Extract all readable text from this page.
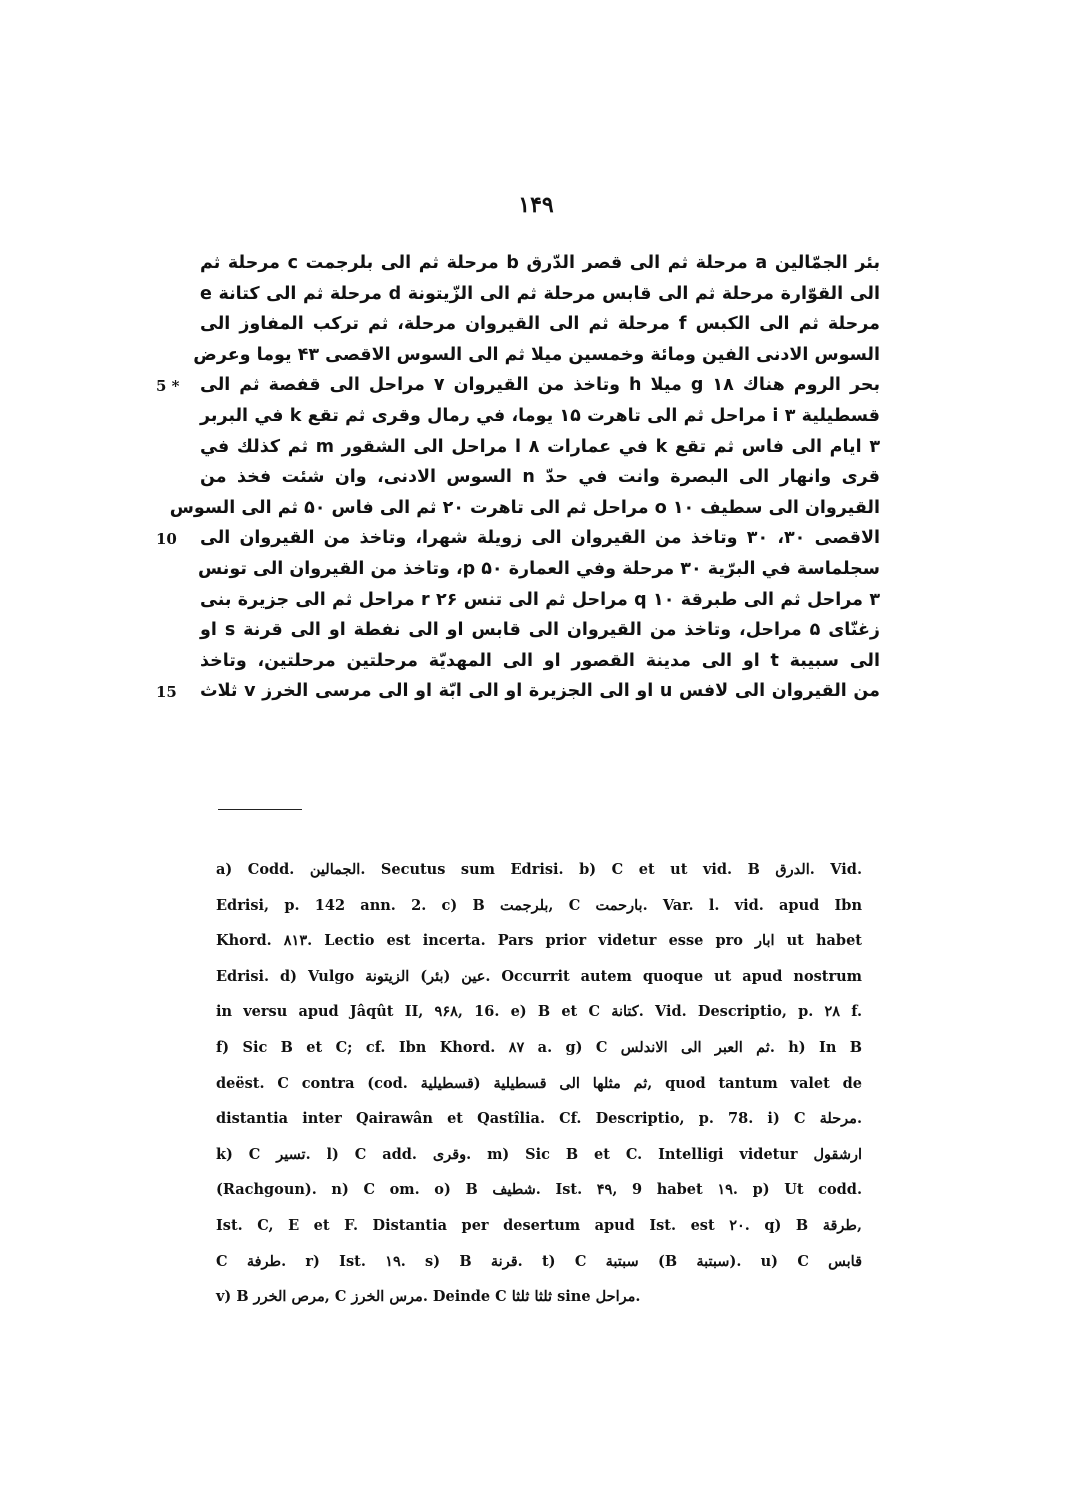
۱۴۹
بئر الجمّالين a مرحلة ثم الى قصر الدّرق b مرحلة ثم الى بلرجمت c مرحلة ثم
الى القوّارة مرحلة ثم الى قابس مرحلة ثم الى الزّيتونة d مرحلة ثم الى كتانة e
مرحلة ثم الى الكبس f مرحلة ثم الى القيروان مرحلة، ثم تركب المفاوز الى
السوس الادنى الفين ومائة وخمسين ميلا ثم الى السوس الاقصى ۴۳ يوما وعرض
بحر الروم هناك g ۱۸ ميلا h وتاخذ من القيروان ۷ مراحل الى قفصة ثم الى
قسطيلية ۳ i مراحل ثم الى تاهرت ۱۵ يوما، في رمال وقرى ثم تقع k في البربر
۳ ايام الى فاس ثم تقع k في عمارات l ۸ مراحل الى الشقور m ثم كذلك في
قرى وانهار الى البصرة وانت في حدّ n السوس الادنى، وان شئت فخذ من
القيروان الى سطيف o ۱۰ مراحل ثم الى تاهرت ۲۰ ثم الى فاس ۵۰ ثم الى السوس
الاقصى ۳۰، ۳۰ وتاخذ من القيروان الى زويلة شهرا، وتاخذ من القيروان الى
سجلماسة في البرّية ۳۰ مرحلة وفي العمارة ۵۰ p، وتاخذ من القيروان الى تونس
۳ مراحل ثم الى طبرقة q ۱۰ مراحل ثم الى تنس ۲۶ r مراحل ثم الى جزيرة بنى
زغنّاى ۵ مراحل، وتاخذ من القيروان الى قابس او الى نفطة او الى قرنة s او
الى سبيبة t او الى مدينة القصور او الى المهديّة مرحلتين مرحلتين، وتاخذ
من القيروان الى لافس u او الى الجزيرة او الى ابّة او الى مرسى الخرز v ثلاث
5 *
10
15
a) Codd. الجمالين. Secutus sum Edrisi. b) C et ut vid. B الدرق. Vid.
Edrisi, p. 142 ann. 2. c) B بلرجمت, C بارحمت. Var. l. vid. apud Ibn
Khord. ۸۱۳. Lectio est incerta. Pars prior videtur esse pro ابار ut habet
Edrisi. d) Vulgo عين (بئر) الزيتونة. Occurrit autem quoque ut apud nostrum
in versu apud Jâqût II, ۹۶۸, 16. e) B et C كتانة. Vid. Descriptio, p. ۲۸ f.
f) Sic B et C; cf. Ibn Khord. ۸۷ a. g) C ثم العبر الى الاندلس. h) In B
deëst. C contra (cod. قسطيلية) ثم مثلها الى قسطيلية, quod tantum valet de
distantia inter Qairawân et Qastîlia. Cf. Descriptio, p. 78. i) C مرحلة.
k) C تسير. l) C add. وقرى. m) Sic B et C. Intelligi videtur ارشقول
(Rachgoun). n) C om. o) B شطيف. Ist. ۴۹, 9 habet ۱۹. p) Ut codd.
Ist. C, E et F. Distantia per desertum apud Ist. est ۲۰. q) B طرقة,
C طرفة. r) Ist. ۱۹. s) B قرنة. t) C سبتبة (B سبتبة). u) C قابس
v) B مرص الخرر, C مرس الخرز. Deinde C ثلثا ثلثا sine مراحل.
